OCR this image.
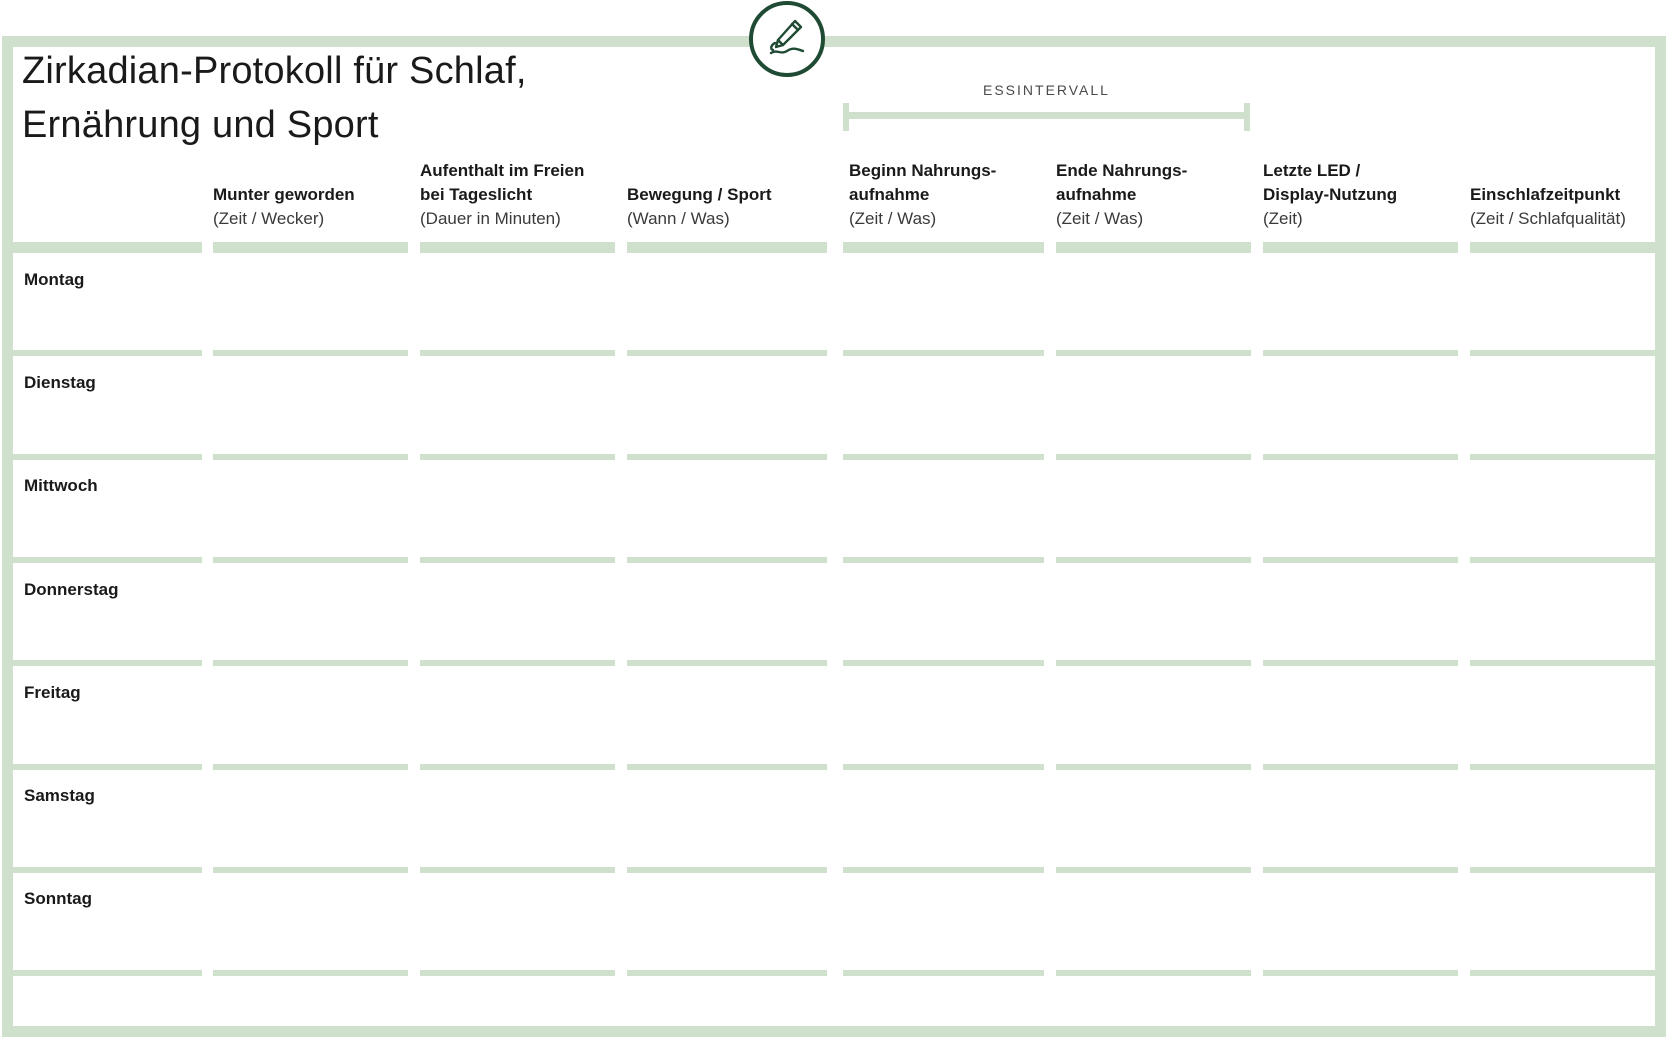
Zirkadian-Protokoll für Schlaf,
Ernährung und Sport
ESSINTERVALL
Munter geworden
(Zeit / Wecker)
Aufenthalt im Freien
bei Tageslicht
(Dauer in Minuten)
Bewegung / Sport
(Wann / Was)
Beginn Nahrungs-
aufnahme
(Zeit / Was)
Ende Nahrungs-
aufnahme
(Zeit / Was)
Letzte LED /
Display-Nutzung
(Zeit)
Einschlafzeitpunkt
(Zeit / Schlafqualität)
Montag
Dienstag
Mittwoch
Donnerstag
Freitag
Samstag
Sonntag
